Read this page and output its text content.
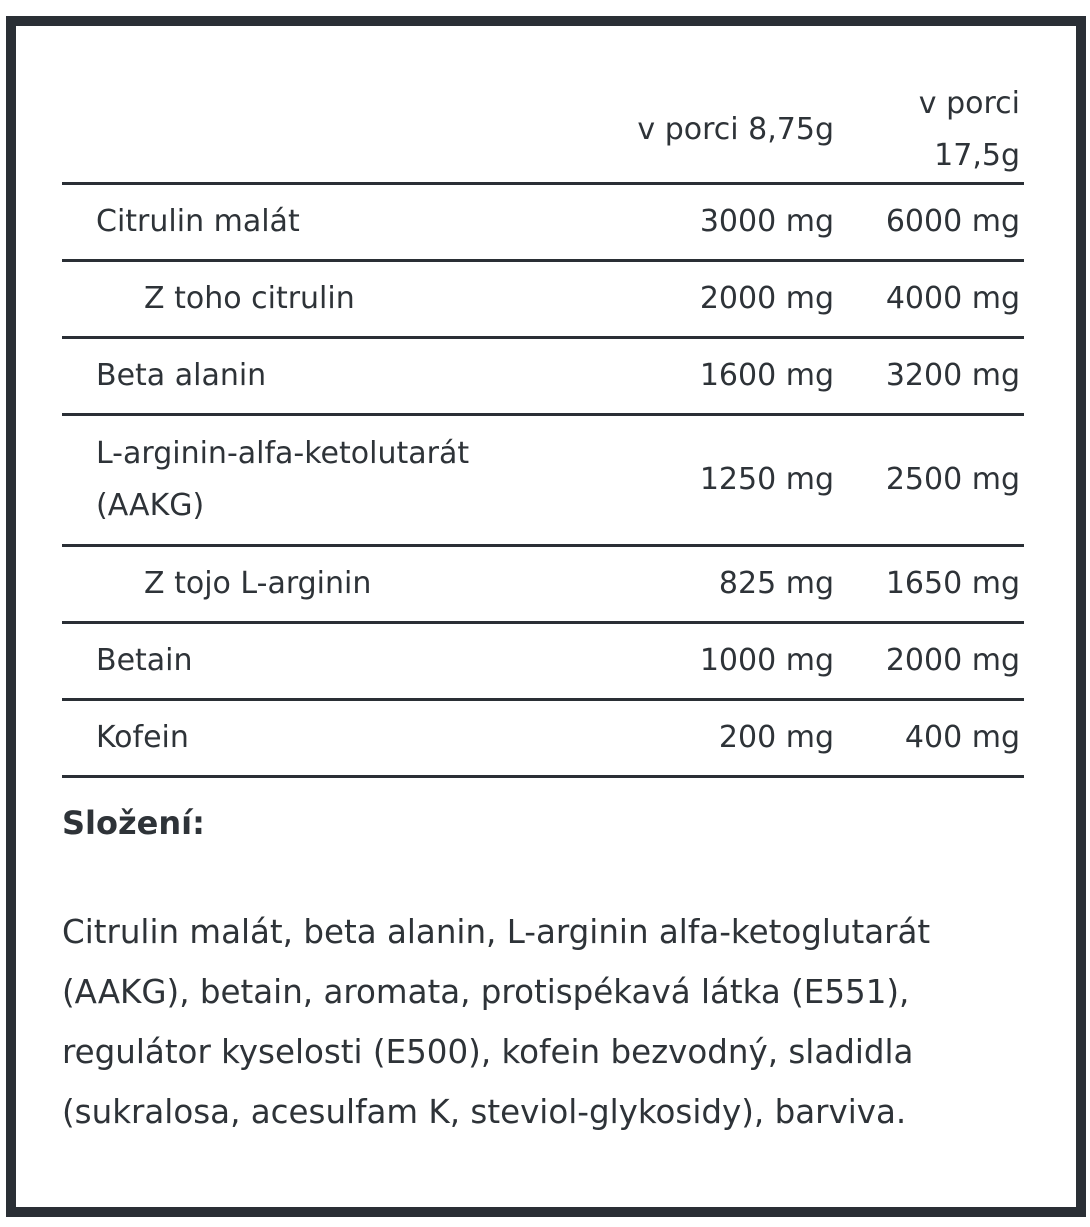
	v porci 8,75g	v porci 17,5g
Citrulin malát	3000 mg	6000 mg
Z toho citrulin	2000 mg	4000 mg
Beta alanin	1600 mg	3200 mg
L-arginin-alfa-ketolutarát (AAKG)	1250 mg	2500 mg
Z tojo L-arginin	825 mg	1650 mg
Betain	1000 mg	2000 mg
Kofein	200 mg	400 mg
Složení:

Citrulin malát, beta alanin, L-arginin alfa-ketoglutarát (AAKG), betain, aromata, protispékavá látka (E551), regulátor kyselosti (E500), kofein bezvodný, sladidla (sukralosa, acesulfam K, steviol-glykosidy), barviva.
